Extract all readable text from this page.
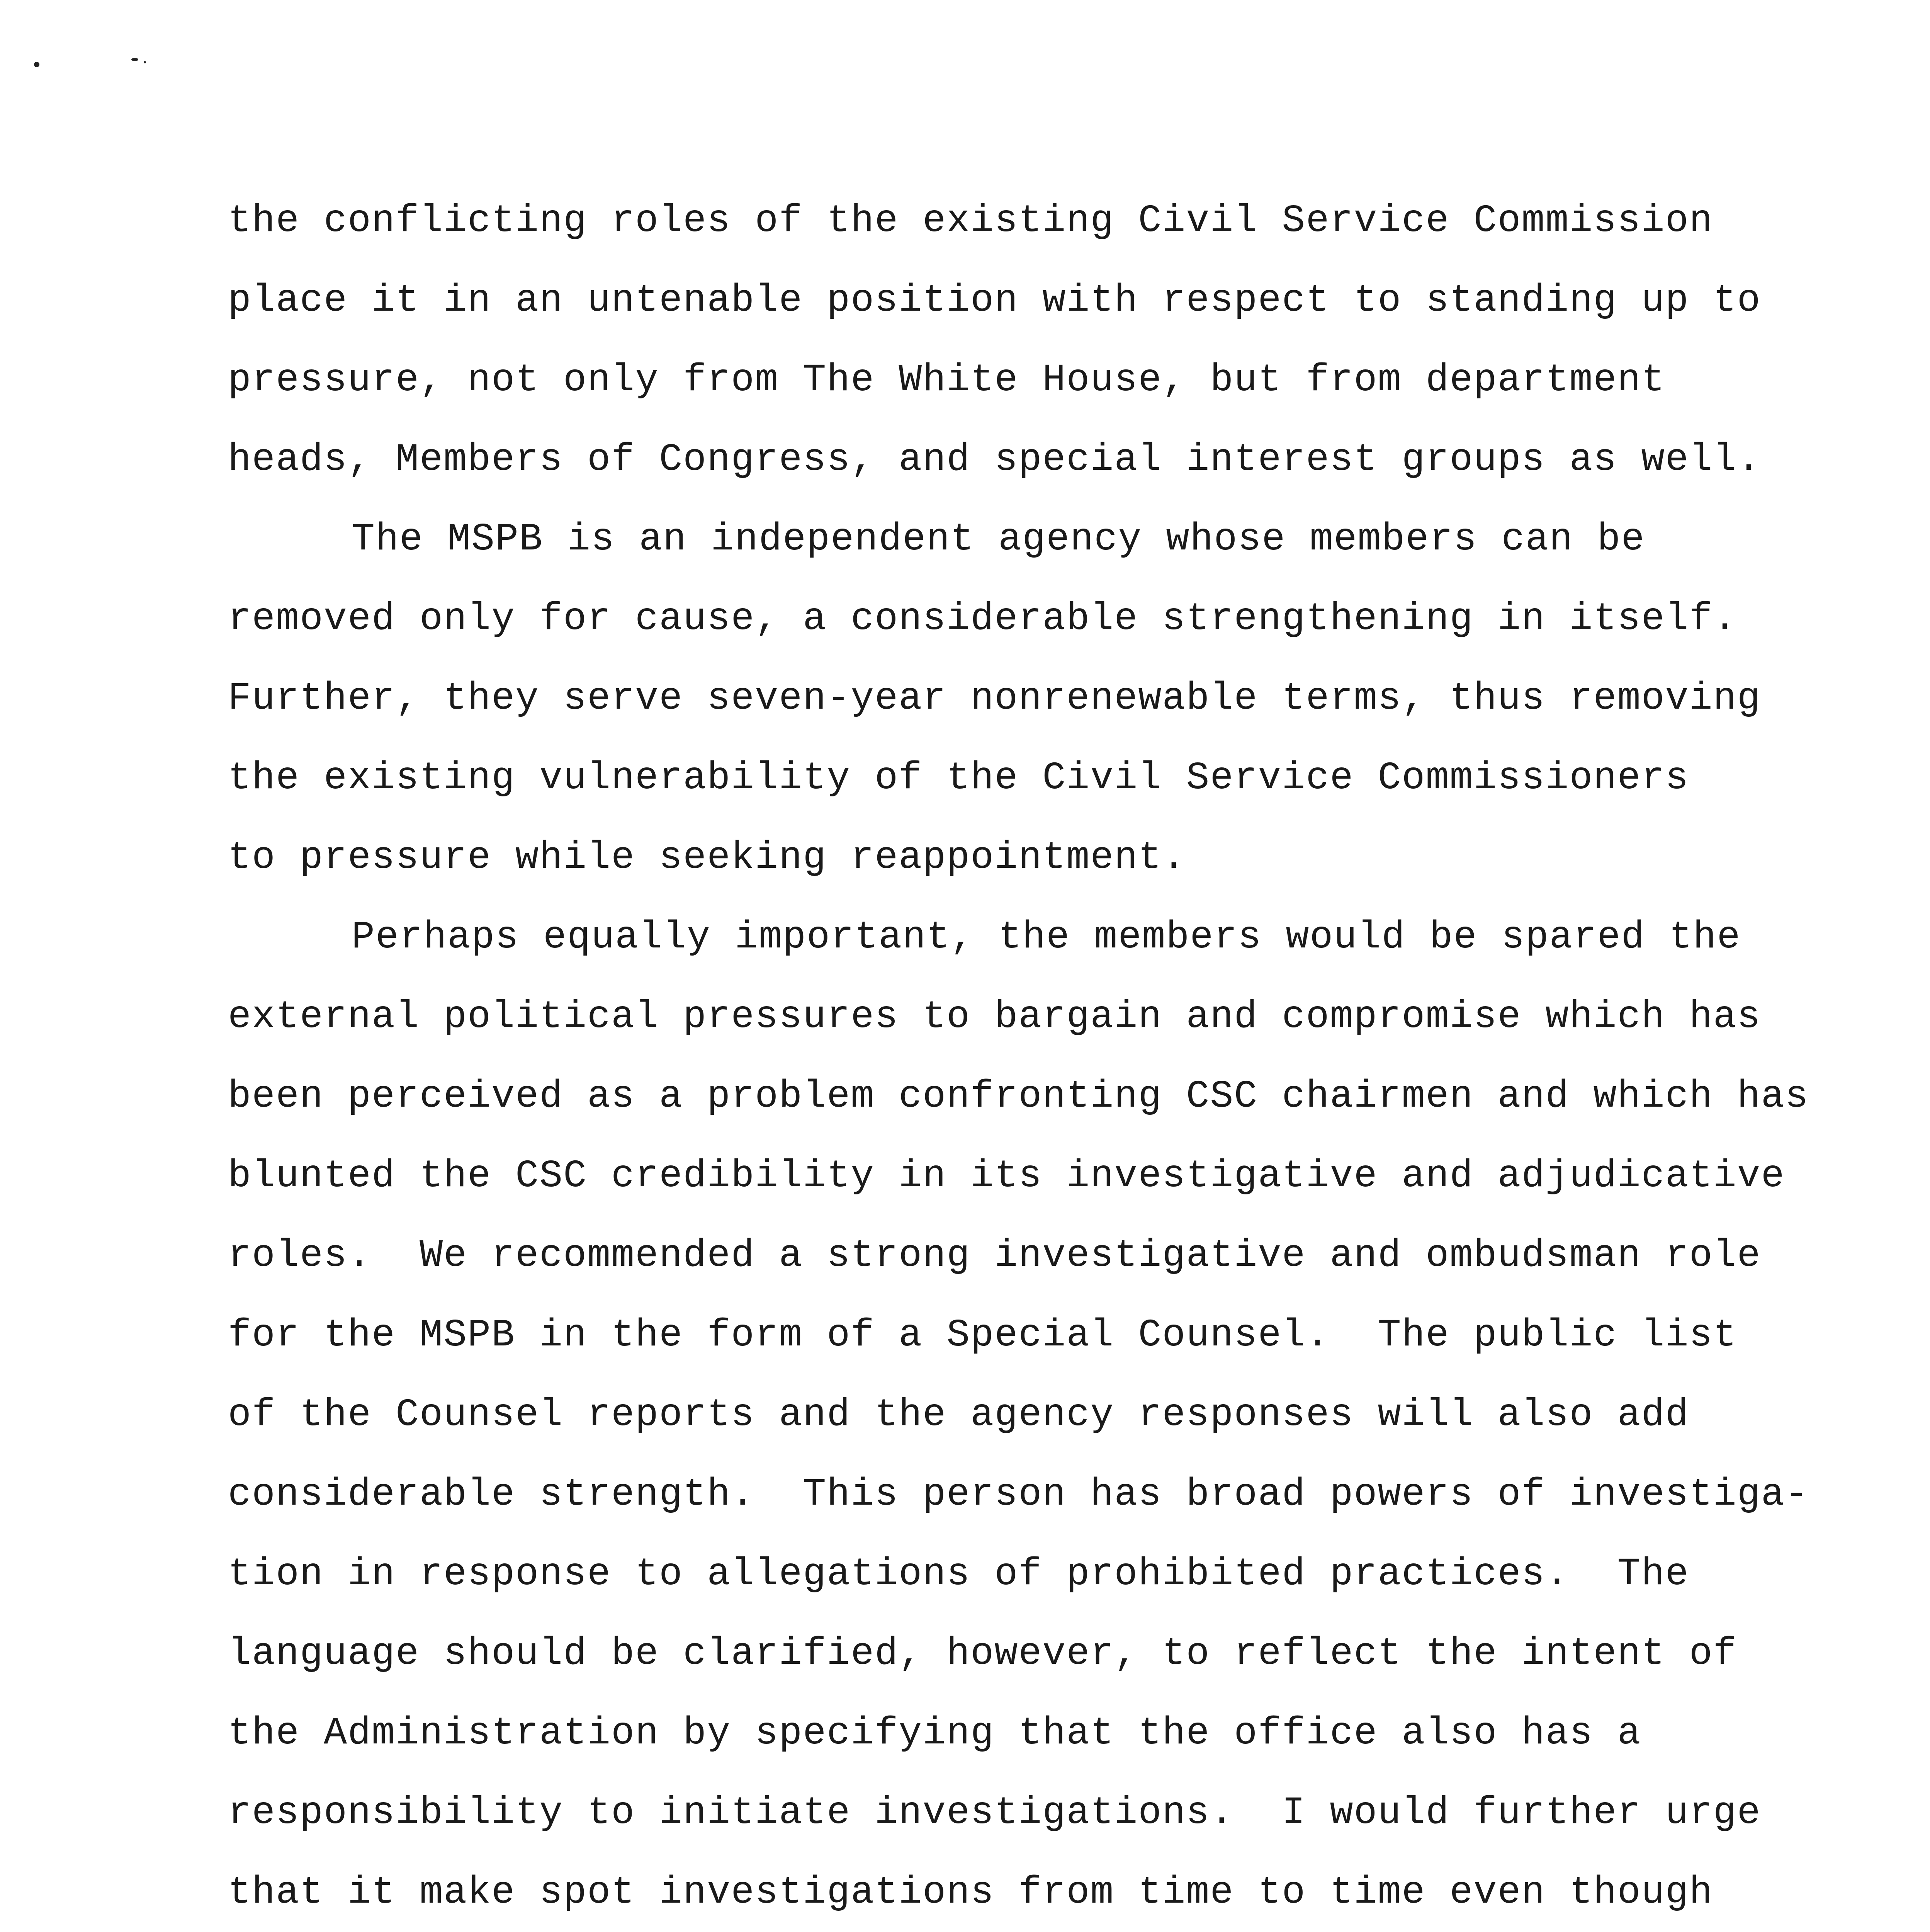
the conflicting roles of the existing Civil Service Commission
place it in an untenable position with respect to standing up to
pressure, not only from The White House, but from department
heads, Members of Congress, and special interest groups as well.
The MSPB is an independent agency whose members can be
removed only for cause, a considerable strengthening in itself.
Further, they serve seven-year nonrenewable terms, thus removing
the existing vulnerability of the Civil Service Commissioners
to pressure while seeking reappointment.
Perhaps equally important, the members would be spared the
external political pressures to bargain and compromise which has
been perceived as a problem confronting CSC chairmen and which has
blunted the CSC credibility in its investigative and adjudicative
roles.  We recommended a strong investigative and ombudsman role
for the MSPB in the form of a Special Counsel.  The public list
of the Counsel reports and the agency responses will also add
considerable strength.  This person has broad powers of investiga-
tion in response to allegations of prohibited practices.  The
language should be clarified, however, to reflect the intent of
the Administration by specifying that the office also has a
responsibility to initiate investigations.  I would further urge
that it make spot investigations from time to time even though
